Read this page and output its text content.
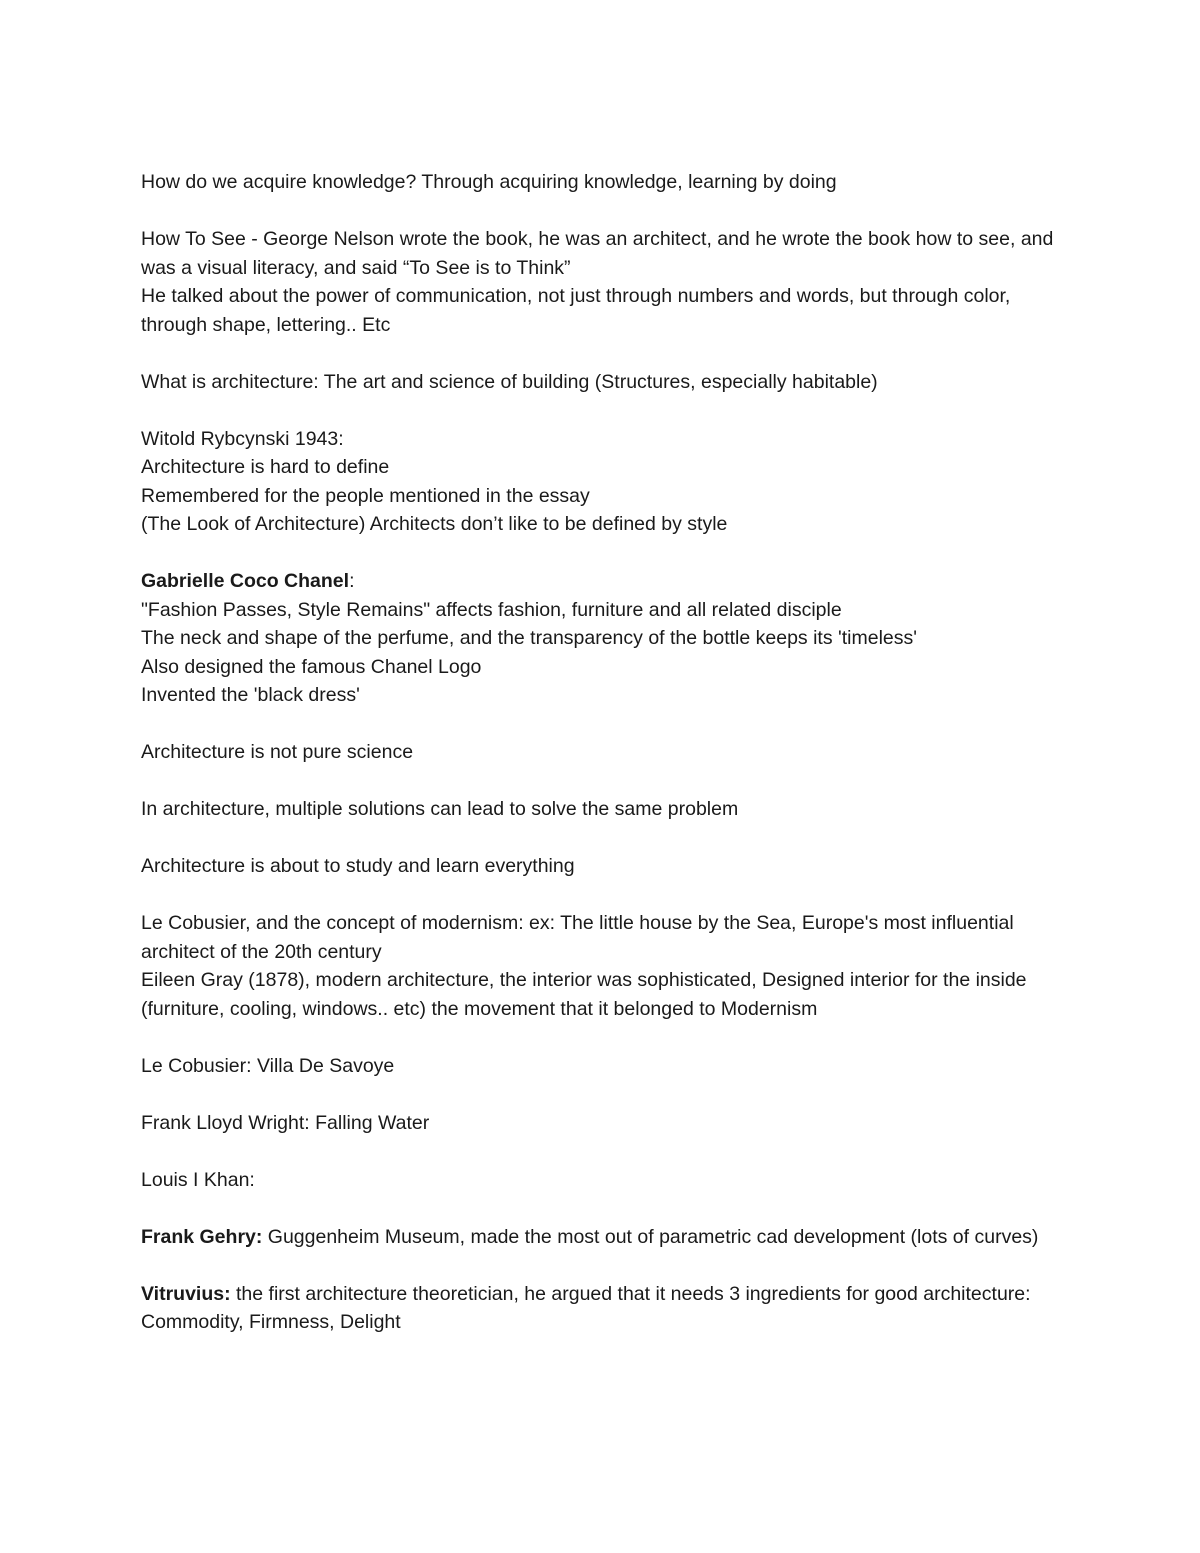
How do we acquire knowledge? Through acquiring knowledge, learning by doing

How To See - George Nelson wrote the book, he was an architect, and he wrote the book how to see, and was a visual literacy, and said “To See is to Think”
He talked about the power of communication, not just through numbers and words, but through color, through shape, lettering.. Etc

What is architecture: The art and science of building (Structures, especially habitable)

Witold Rybcynski 1943:
Architecture is hard to define
Remembered for the people mentioned in the essay
(The Look of Architecture) Architects don’t like to be defined by style

Gabrielle Coco Chanel:
"Fashion Passes, Style Remains" affects fashion, furniture and all related disciple
The neck and shape of the perfume, and the transparency of the bottle keeps its 'timeless'
Also designed the famous Chanel Logo
Invented the 'black dress'

Architecture is not pure science

In architecture, multiple solutions can lead to solve the same problem

Architecture is about to study and learn everything

Le Cobusier, and the concept of modernism: ex: The little house by the Sea, Europe's most influential architect of the 20th century
Eileen Gray (1878), modern architecture, the interior was sophisticated, Designed interior for the inside (furniture, cooling, windows.. etc) the movement that it belonged to Modernism

Le Cobusier: Villa De Savoye

Frank Lloyd Wright: Falling Water

Louis I Khan:

Frank Gehry: Guggenheim Museum, made the most out of parametric cad development (lots of curves)

Vitruvius: the first architecture theoretician, he argued that it needs 3 ingredients for good architecture: Commodity, Firmness, Delight
